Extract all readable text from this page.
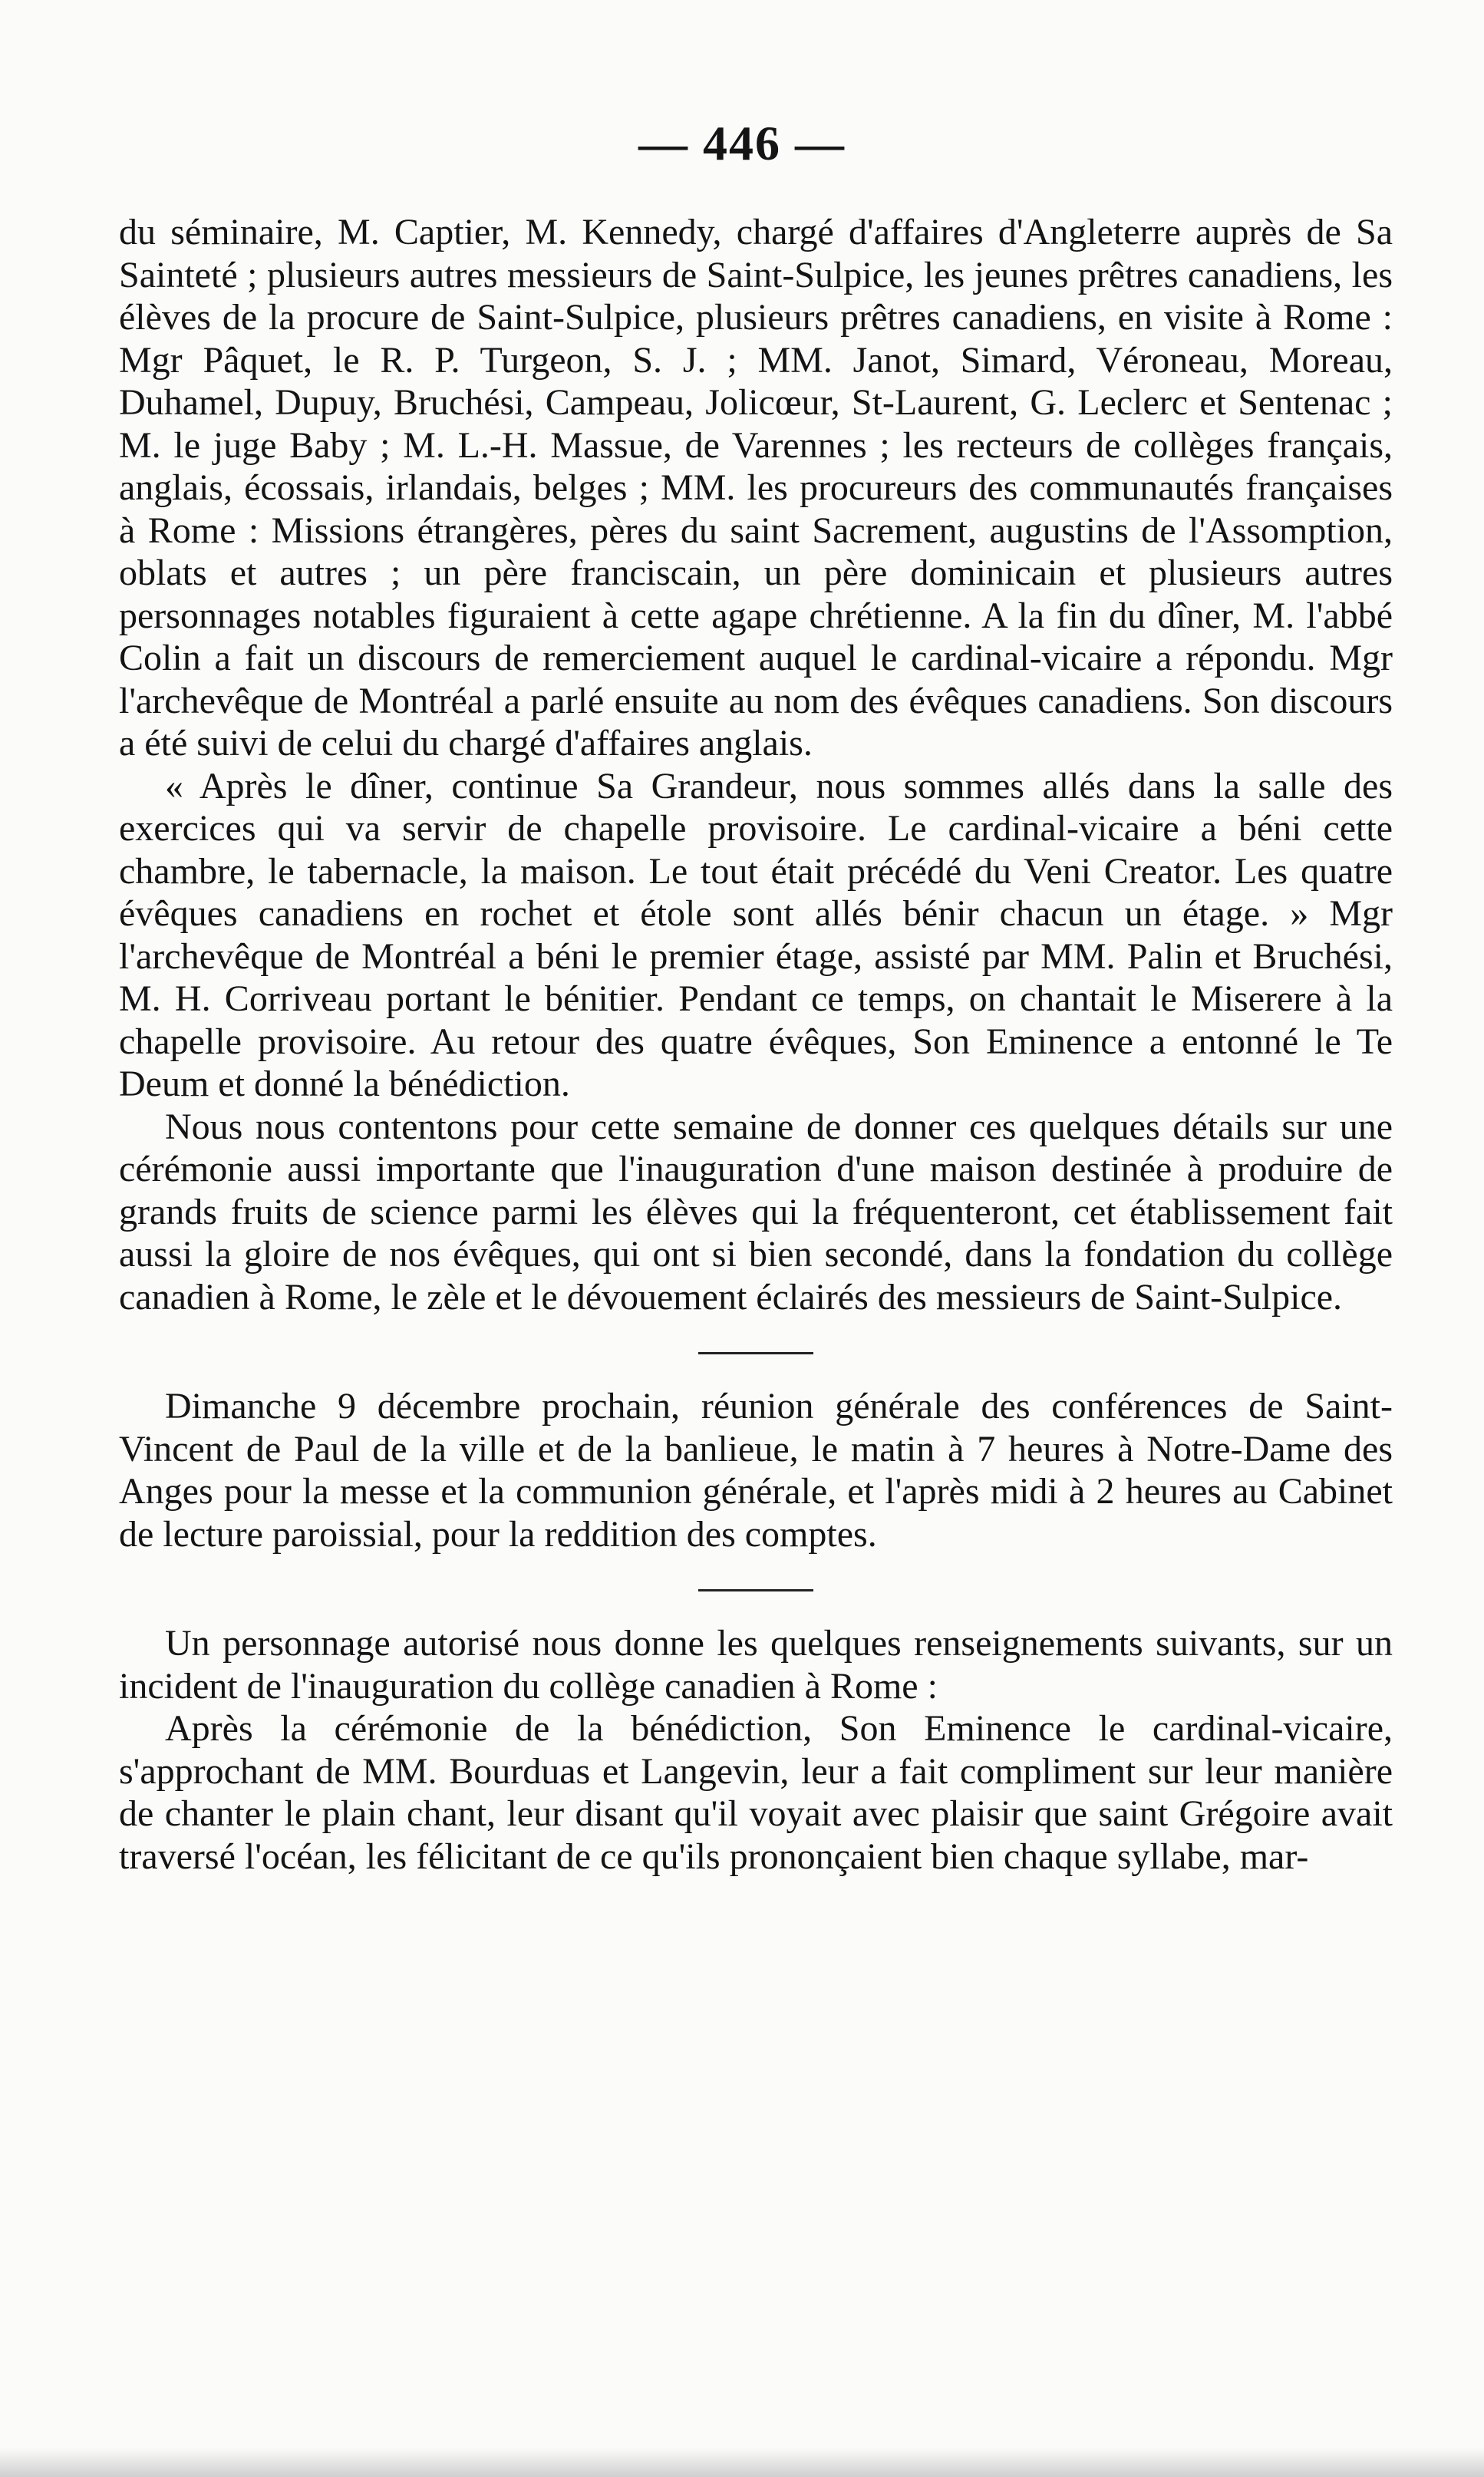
— 446 —

du séminaire, M. Captier, M. Kennedy, chargé d'affaires d'Angleterre auprès de Sa Sainteté ; plusieurs autres messieurs de Saint-Sulpice, les jeunes prêtres canadiens, les élèves de la procure de Saint-Sulpice, plusieurs prêtres canadiens, en visite à Rome : Mgr Pâquet, le R. P. Turgeon, S. J. ; MM. Janot, Simard, Véroneau, Moreau, Duhamel, Dupuy, Bruchési, Campeau, Jolicœur, St-Laurent, G. Leclerc et Sentenac ; M. le juge Baby ; M. L.-H. Massue, de Varennes ; les recteurs de collèges français, anglais, écossais, irlandais, belges ; MM. les procureurs des communautés françaises à Rome : Missions étrangères, pères du saint Sacrement, augustins de l'Assomption, oblats et autres ; un père franciscain, un père dominicain et plusieurs autres personnages notables figuraient à cette agape chrétienne. A la fin du dîner, M. l'abbé Colin a fait un discours de remerciement auquel le cardinal-vicaire a répondu. Mgr l'archevêque de Montréal a parlé ensuite au nom des évêques canadiens. Son discours a été suivi de celui du chargé d'affaires anglais.

« Après le dîner, continue Sa Grandeur, nous sommes allés dans la salle des exercices qui va servir de chapelle provisoire. Le cardinal-vicaire a béni cette chambre, le tabernacle, la maison. Le tout était précédé du Veni Creator. Les quatre évêques canadiens en rochet et étole sont allés bénir chacun un étage. » Mgr l'archevêque de Montréal a béni le premier étage, assisté par MM. Palin et Bruchési, M. H. Corriveau portant le bénitier. Pendant ce temps, on chantait le Miserere à la chapelle provisoire. Au retour des quatre évêques, Son Eminence a entonné le Te Deum et donné la bénédiction.

Nous nous contentons pour cette semaine de donner ces quelques détails sur une cérémonie aussi importante que l'inauguration d'une maison destinée à produire de grands fruits de science parmi les élèves qui la fréquenteront, cet établissement fait aussi la gloire de nos évêques, qui ont si bien secondé, dans la fondation du collège canadien à Rome, le zèle et le dévouement éclairés des messieurs de Saint-Sulpice.

Dimanche 9 décembre prochain, réunion générale des conférences de Saint-Vincent de Paul de la ville et de la banlieue, le matin à 7 heures à Notre-Dame des Anges pour la messe et la communion générale, et l'après midi à 2 heures au Cabinet de lecture paroissial, pour la reddition des comptes.

Un personnage autorisé nous donne les quelques renseignements suivants, sur un incident de l'inauguration du collège canadien à Rome :

Après la cérémonie de la bénédiction, Son Eminence le cardinal-vicaire, s'approchant de MM. Bourduas et Langevin, leur a fait compliment sur leur manière de chanter le plain chant, leur disant qu'il voyait avec plaisir que saint Grégoire avait traversé l'océan, les félicitant de ce qu'ils prononçaient bien chaque syllabe, mar-
